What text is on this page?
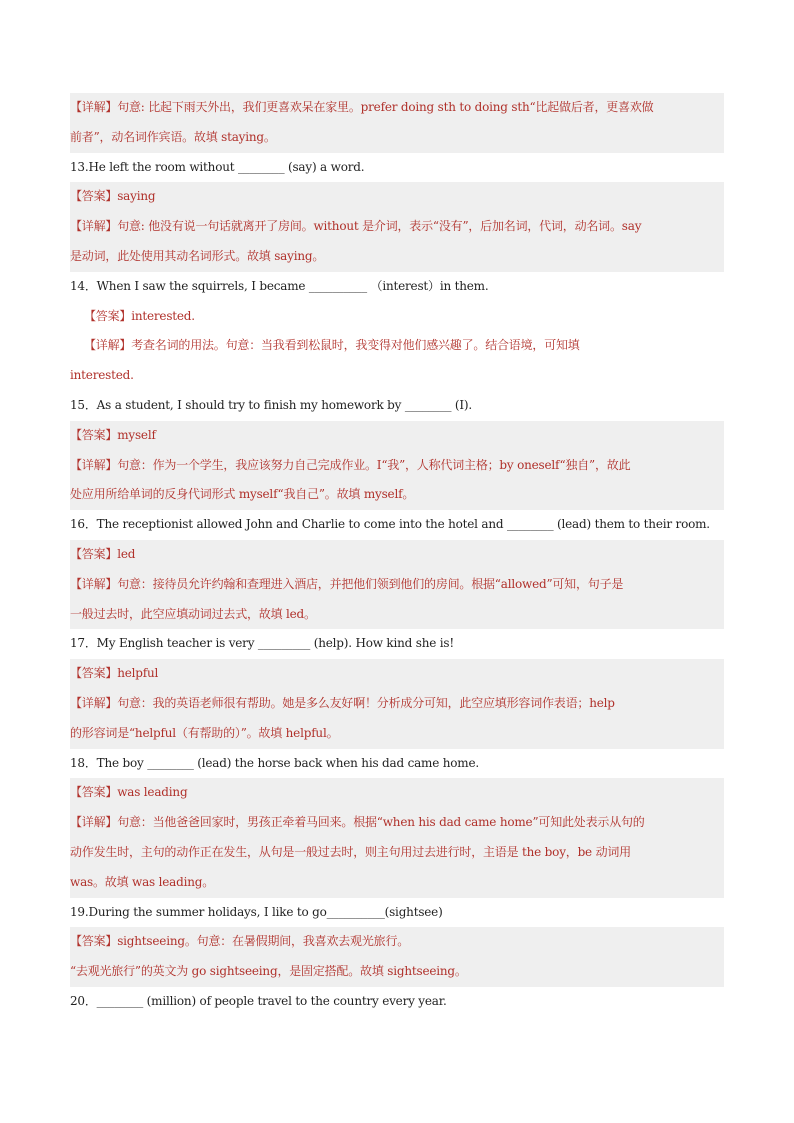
【详解】句意: 比起下雨天外出，我们更喜欢呆在家里。prefer doing sth to doing sth“比起做后者，更喜欢做
前者”，动名词作宾语。故填 staying。
13.He left the room without ________ (say) a word.
【答案】saying
【详解】句意: 他没有说一句话就离开了房间。without 是介词，表示“没有”，后加名词，代词，动名词。say
是动词，此处使用其动名词形式。故填 saying。
14．When I saw the squirrels, I became __________ （interest）in them.
【答案】interested.
【详解】考查名词的用法。句意：当我看到松鼠时，我变得对他们感兴趣了。结合语境，可知填
interested.
15．As a student, I should try to finish my homework by ________ (I).
【答案】myself
【详解】句意：作为一个学生，我应该努力自己完成作业。I“我”，人称代词主格；by oneself“独自”，故此
处应用所给单词的反身代词形式 myself“我自己”。故填 myself。
16．The receptionist allowed John and Charlie to come into the hotel and ________ (lead) them to their room.
【答案】led
【详解】句意：接待员允许约翰和查理进入酒店，并把他们领到他们的房间。根据“allowed”可知，句子是
一般过去时，此空应填动词过去式，故填 led。
17．My English teacher is very _________ (help). How kind she is!
【答案】helpful
【详解】句意：我的英语老师很有帮助。她是多么友好啊！分析成分可知，此空应填形容词作表语；help
的形容词是“helpful（有帮助的）”。故填 helpful。
18．The boy ________ (lead) the horse back when his dad came home.
【答案】was leading
【详解】句意：当他爸爸回家时，男孩正牵着马回来。根据“when his dad came home”可知此处表示从句的
动作发生时，主句的动作正在发生，从句是一般过去时，则主句用过去进行时，主语是 the boy，be 动词用
was。故填 was leading。
19.During the summer holidays, I like to go__________(sightsee)
【答案】sightseeing。句意：在暑假期间，我喜欢去观光旅行。
“去观光旅行”的英文为 go sightseeing，是固定搭配。故填 sightseeing。
20．________ (million) of people travel to the country every year.
